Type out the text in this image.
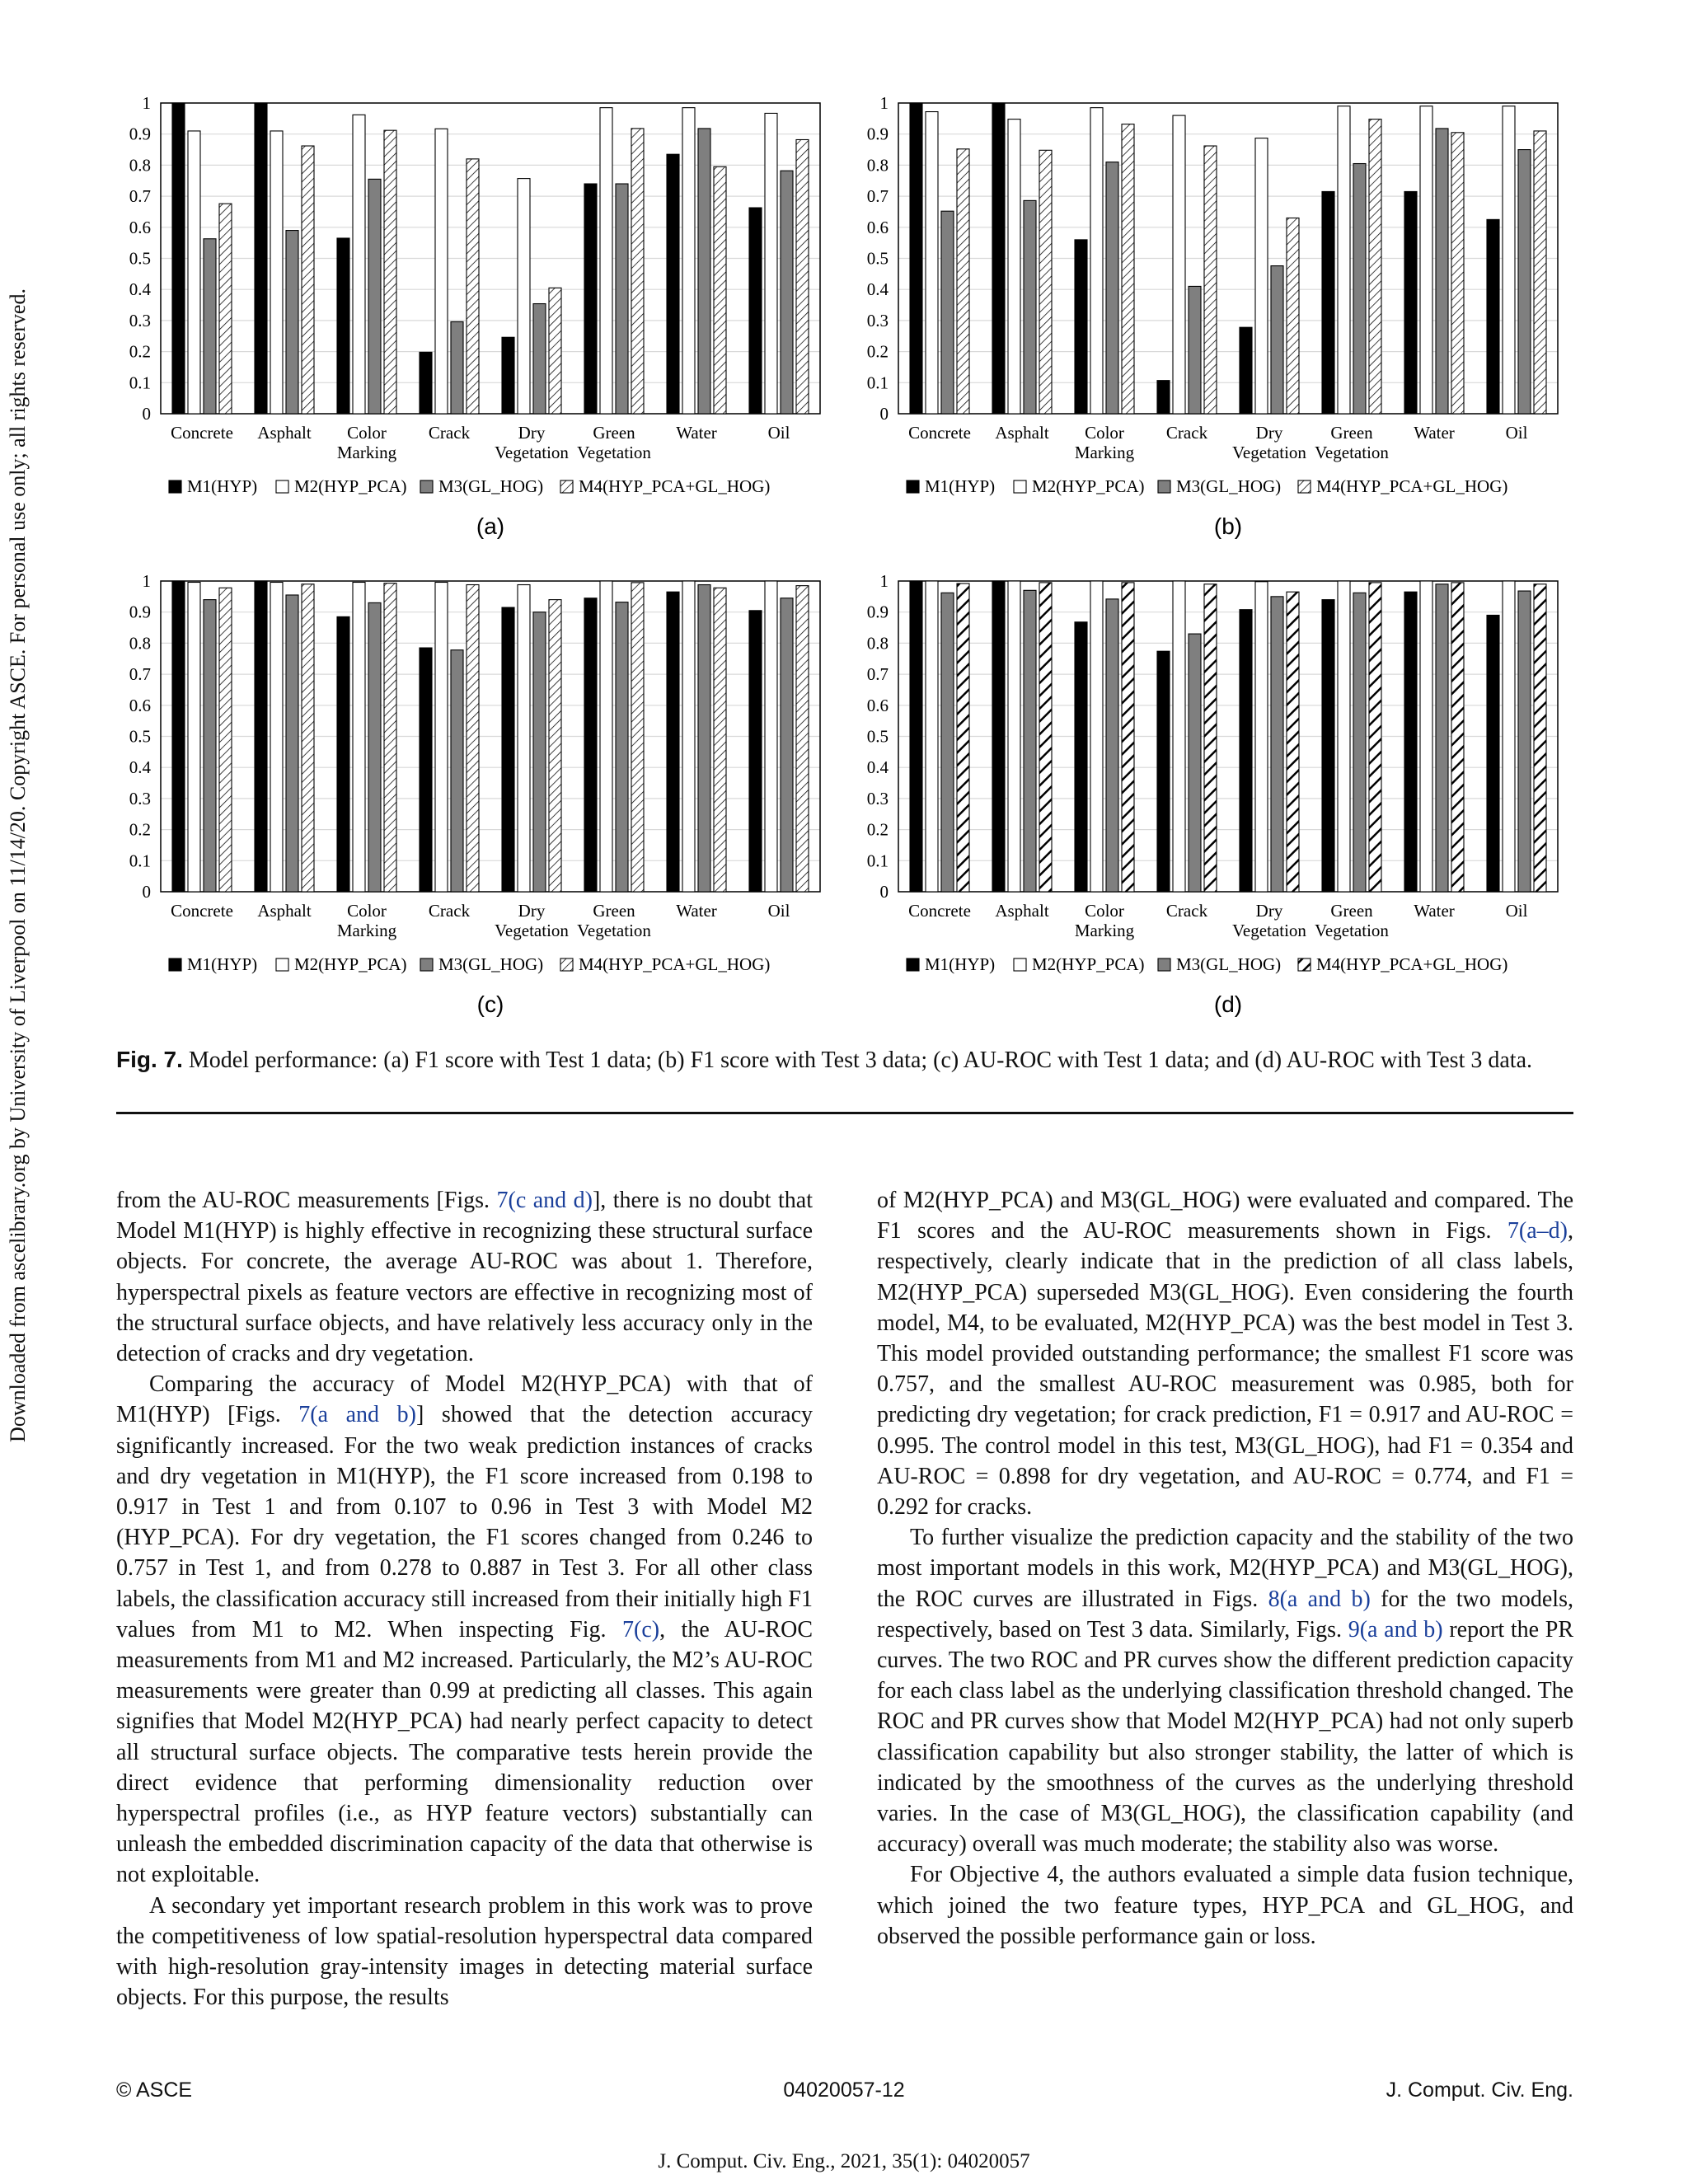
Downloaded from ascelibrary.org by University of Liverpool on 11/14/20. Copyright ASCE. For personal use only; all rights reserved.	0
0.1
0.2
0.3
0.4
0.5
0.6
0.7
0.8
0.9
1
Concrete Asphalt Color
Marking
Crack	Dry
Vegetation
Green
Vegetation
Water	Oil
M1(HYP) M2(HYP_PCA) M3(GL_HOG) M4(HYP_PCA+GL_HOG)
(a)
0
0.1
0.2
0.3
0.4
0.5
0.6
0.7
0.8
0.9
1
Concrete Asphalt Color
Marking
Crack	Dry
Vegetation
Green
Vegetation
Water	Oil
M1(HYP) M2(HYP_PCA) M3(GL_HOG) M4(HYP_PCA+GL_HOG)
(b)
0
0.1
0.2
0.3
0.4
0.5
0.6
0.7
0.8
0.9
1
Concrete Asphalt Color
Marking
Crack	Dry
Vegetation
Green
Vegetation
Water	Oil
M1(HYP) M2(HYP_PCA) M3(GL_HOG) M4(HYP_PCA+GL_HOG)
(c)
0
0.1
0.2
0.3
0.4
0.5
0.6
0.7
0.8
0.9
1
Concrete Asphalt Color
Marking
Crack	Dry
Vegetation
Green
Vegetation
Water	Oil
M1(HYP) M2(HYP_PCA) M3(GL_HOG) M4(HYP_PCA+GL_HOG)
(d)
Fig. 7. Model performance: (a) F1 score with Test 1 data; (b) F1 score with Test 3 data; (c) AU-ROC with Test 1 data; and (d) AU-ROC with Test 3 data.

from the AU-ROC measurements [Figs. 7(c and d)], there is no doubt that Model M1(HYP) is highly effective in recognizing these structural surface objects. For concrete, the average AU-ROC was about 1. Therefore, hyperspectral pixels as feature vectors are effective in recognizing most of the structural surface objects, and have relatively less accuracy only in the detection of cracks and dry vegetation.

Comparing the accuracy of Model M2(HYP_PCA) with that of M1(HYP) [Figs. 7(a and b)] showed that the detection accuracy significantly increased. For the two weak prediction instances of cracks and dry vegetation in M1(HYP), the F1 score increased from 0.198 to 0.917 in Test 1 and from 0.107 to 0.96 in Test 3 with Model M2 (HYP_PCA). For dry vegetation, the F1 scores changed from 0.246 to 0.757 in Test 1, and from 0.278 to 0.887 in Test 3. For all other class labels, the classification accuracy still increased from their initially high F1 values from M1 to M2. When inspecting Fig. 7(c), the AU-ROC measurements from M1 and M2 increased. Particularly, the M2’s AU-ROC measurements were greater than 0.99 at predicting all classes. This again signifies that Model M2(HYP_PCA) had nearly perfect capacity to detect all structural surface objects. The comparative tests herein provide the direct evidence that performing dimensionality reduction over hyperspectral profiles (i.e., as HYP feature vectors) substantially can unleash the embedded discrimination capacity of the data that otherwise is not exploitable.

A secondary yet important research problem in this work was to prove the competitiveness of low spatial-resolution hyperspectral data compared with high-resolution gray-intensity images in detecting material surface objects. For this purpose, the results

of M2(HYP_PCA) and M3(GL_HOG) were evaluated and compared. The F1 scores and the AU-ROC measurements shown in Figs. 7(a–d), respectively, clearly indicate that in the prediction of all class labels, M2(HYP_PCA) superseded M3(GL_HOG). Even considering the fourth model, M4, to be evaluated, M2(HYP_PCA) was the best model in Test 3. This model provided outstanding performance; the smallest F1 score was 0.757, and the smallest AU-ROC measurement was 0.985, both for predicting dry vegetation; for crack prediction, F1 = 0.917 and AU-ROC = 0.995. The control model in this test, M3(GL_HOG), had F1 = 0.354 and AU-ROC = 0.898 for dry vegetation, and AU-ROC = 0.774, and F1 = 0.292 for cracks.

To further visualize the prediction capacity and the stability of the two most important models in this work, M2(HYP_PCA) and M3(GL_HOG), the ROC curves are illustrated in Figs. 8(a and b) for the two models, respectively, based on Test 3 data. Similarly, Figs. 9(a and b) report the PR curves. The two ROC and PR curves show the different prediction capacity for each class label as the underlying classification threshold changed. The ROC and PR curves show that Model M2(HYP_PCA) had not only superb classification capability but also stronger stability, the latter of which is indicated by the smoothness of the curves as the underlying threshold varies. In the case of M3(GL_HOG), the classification capability (and accuracy) overall was much moderate; the stability also was worse.

For Objective 4, the authors evaluated a simple data fusion technique, which joined the two feature types, HYP_PCA and GL_HOG, and observed the possible performance gain or loss.

© ASCE	04020057-12	J. Comput. Civ. Eng.
J. Comput. Civ. Eng., 2021, 35(1): 04020057
